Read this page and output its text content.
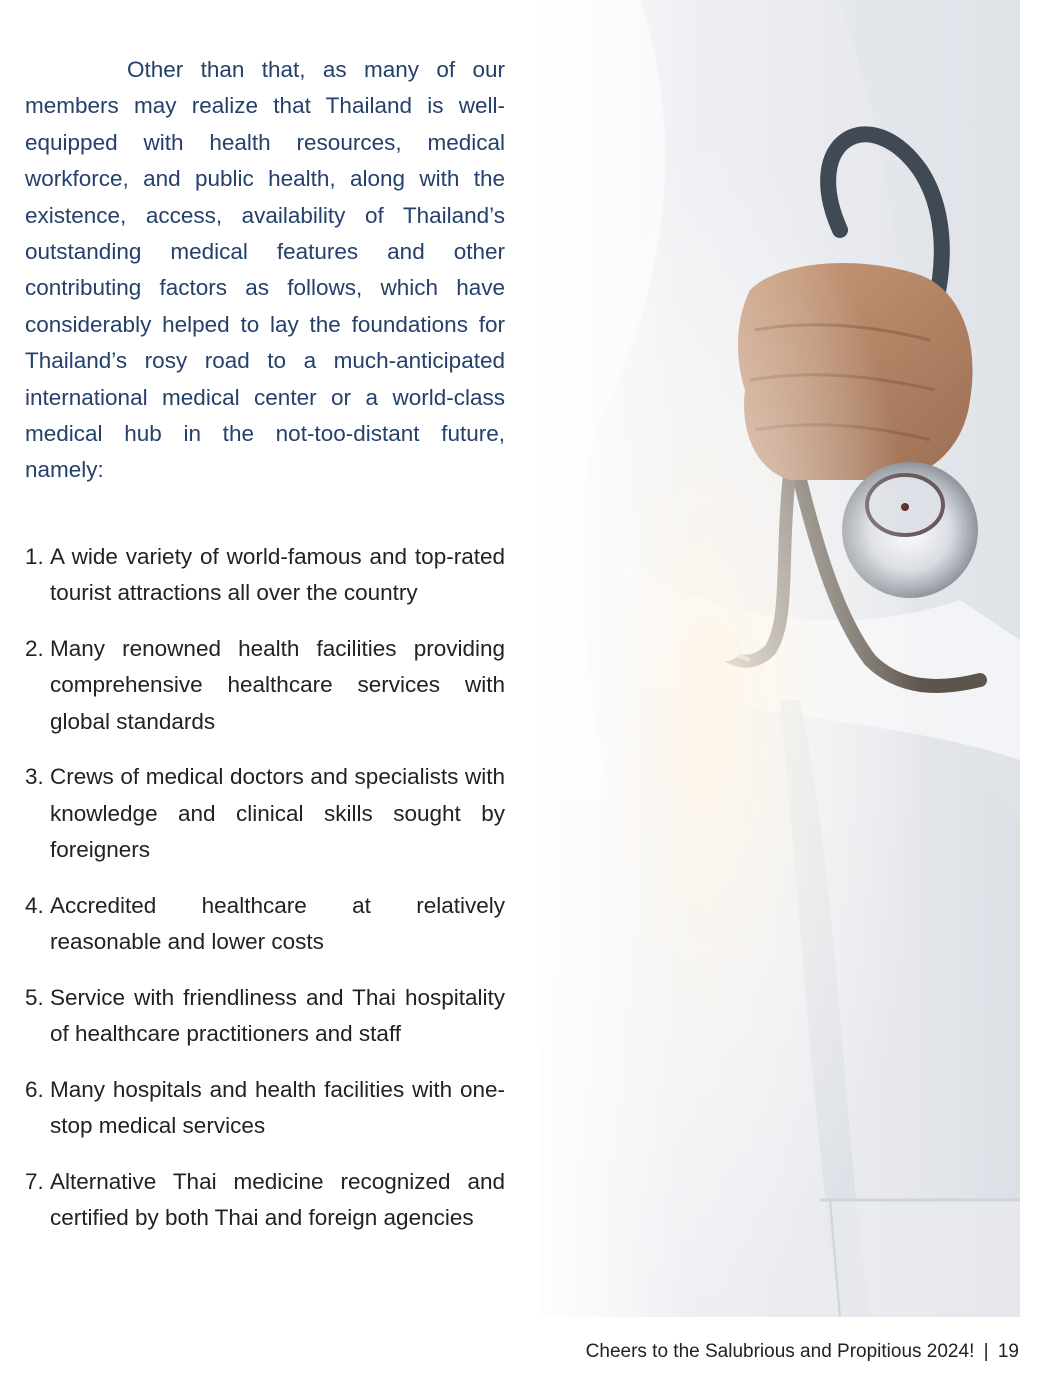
Other than that, as many of our members may realize that Thailand is well-equipped with health resources, medical workforce, and public health, along with the existence, access, availability of Thailand’s outstanding medical features and other contributing factors as follows, which have considerably helped to lay the foundations for Thailand’s rosy road to a much-anticipated international medical center or a world-class medical hub in the not-too-distant future, namely:

1. A wide variety of world-famous and top-rated tourist attractions all over the country
2. Many renowned health facilities providing comprehensive healthcare services with global standards
3. Crews of medical doctors and specialists with knowledge and clinical skills sought by foreigners
4. Accredited healthcare at relatively reasonable and lower costs
5. Service with friendliness and Thai hospitality of healthcare practitioners and staff
6. Many hospitals and health facilities with one-stop medical services
7. Alternative Thai medicine recognized and certified by both Thai and foreign agencies
Cheers to the Salubrious and Propitious 2024! | 19
